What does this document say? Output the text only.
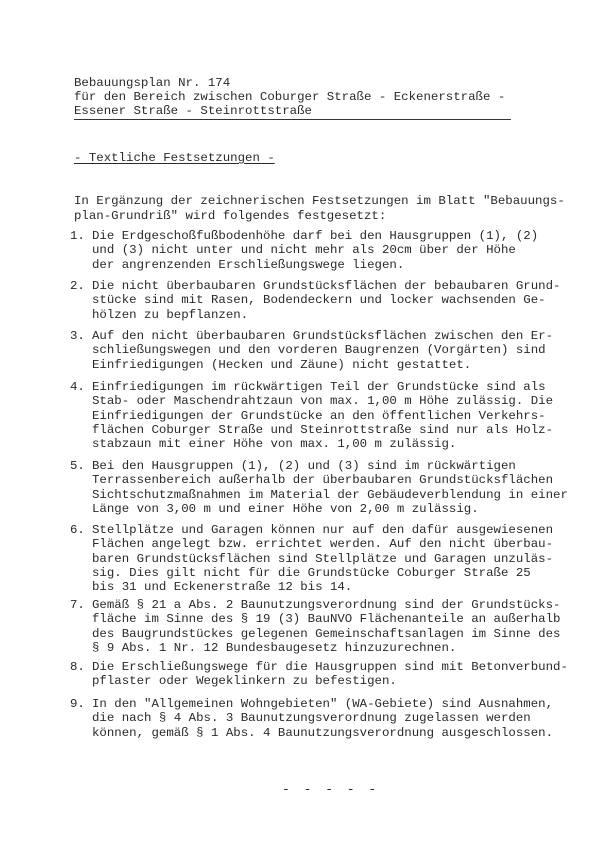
Bebauungsplan Nr. 174
für den Bereich zwischen Coburger Straße - Eckenerstraße -
Essener Straße - Steinrottstraße
- Textliche Festsetzungen -
In Ergänzung der zeichnerischen Festsetzungen im Blatt "Bebauungs-
plan-Grundriß" wird folgendes festgesetzt:
1. Die Erdgeschoßfußbodenhöhe darf bei den Hausgruppen (1), (2)
und (3) nicht unter und nicht mehr als 20cm über der Höhe
der angrenzenden Erschließungswege liegen.
2. Die nicht überbaubaren Grundstücksflächen der bebaubaren Grund-
stücke sind mit Rasen, Bodendeckern und locker wachsenden Ge-
hölzen zu bepflanzen.
3. Auf den nicht überbaubaren Grundstücksflächen zwischen den Er-
schließungswegen und den vorderen Baugrenzen (Vorgärten) sind
Einfriedigungen (Hecken und Zäune) nicht gestattet.
4. Einfriedigungen im rückwärtigen Teil der Grundstücke sind als
Stab- oder Maschendrahtzaun von max. 1,00 m Höhe zulässig. Die
Einfriedigungen der Grundstücke an den öffentlichen Verkehrs-
flächen Coburger Straße und Steinrottstraße sind nur als Holz-
stabzaun mit einer Höhe von max. 1,00 m zulässig.
5. Bei den Hausgruppen (1), (2) und (3) sind im rückwärtigen
Terrassenbereich außerhalb der überbaubaren Grundstücksflächen
Sichtschutzmaßnahmen im Material der Gebäudeverblendung in einer
Länge von 3,00 m und einer Höhe von 2,00 m zulässig.
6. Stellplätze und Garagen können nur auf den dafür ausgewiesenen
Flächen angelegt bzw. errichtet werden. Auf den nicht überbau-
baren Grundstücksflächen sind Stellplätze und Garagen unzuläs-
sig. Dies gilt nicht für die Grundstücke Coburger Straße 25
bis 31 und Eckenerstraße 12 bis 14.
7. Gemäß § 21 a Abs. 2 Baunutzungsverordnung sind der Grundstücks-
fläche im Sinne des § 19 (3) BauNVO Flächenanteile an außerhalb
des Baugrundstückes gelegenen Gemeinschaftsanlagen im Sinne des
§ 9 Abs. 1 Nr. 12 Bundesbaugesetz hinzuzurechnen.
8. Die Erschließungswege für die Hausgruppen sind mit Betonverbund-
pflaster oder Wegeklinkern zu befestigen.
9. In den "Allgemeinen Wohngebieten" (WA-Gebiete) sind Ausnahmen,
die nach § 4 Abs. 3 Baunutzungsverordnung zugelassen werden
können, gemäß § 1 Abs. 4 Baunutzungsverordnung ausgeschlossen.
- - - - -
